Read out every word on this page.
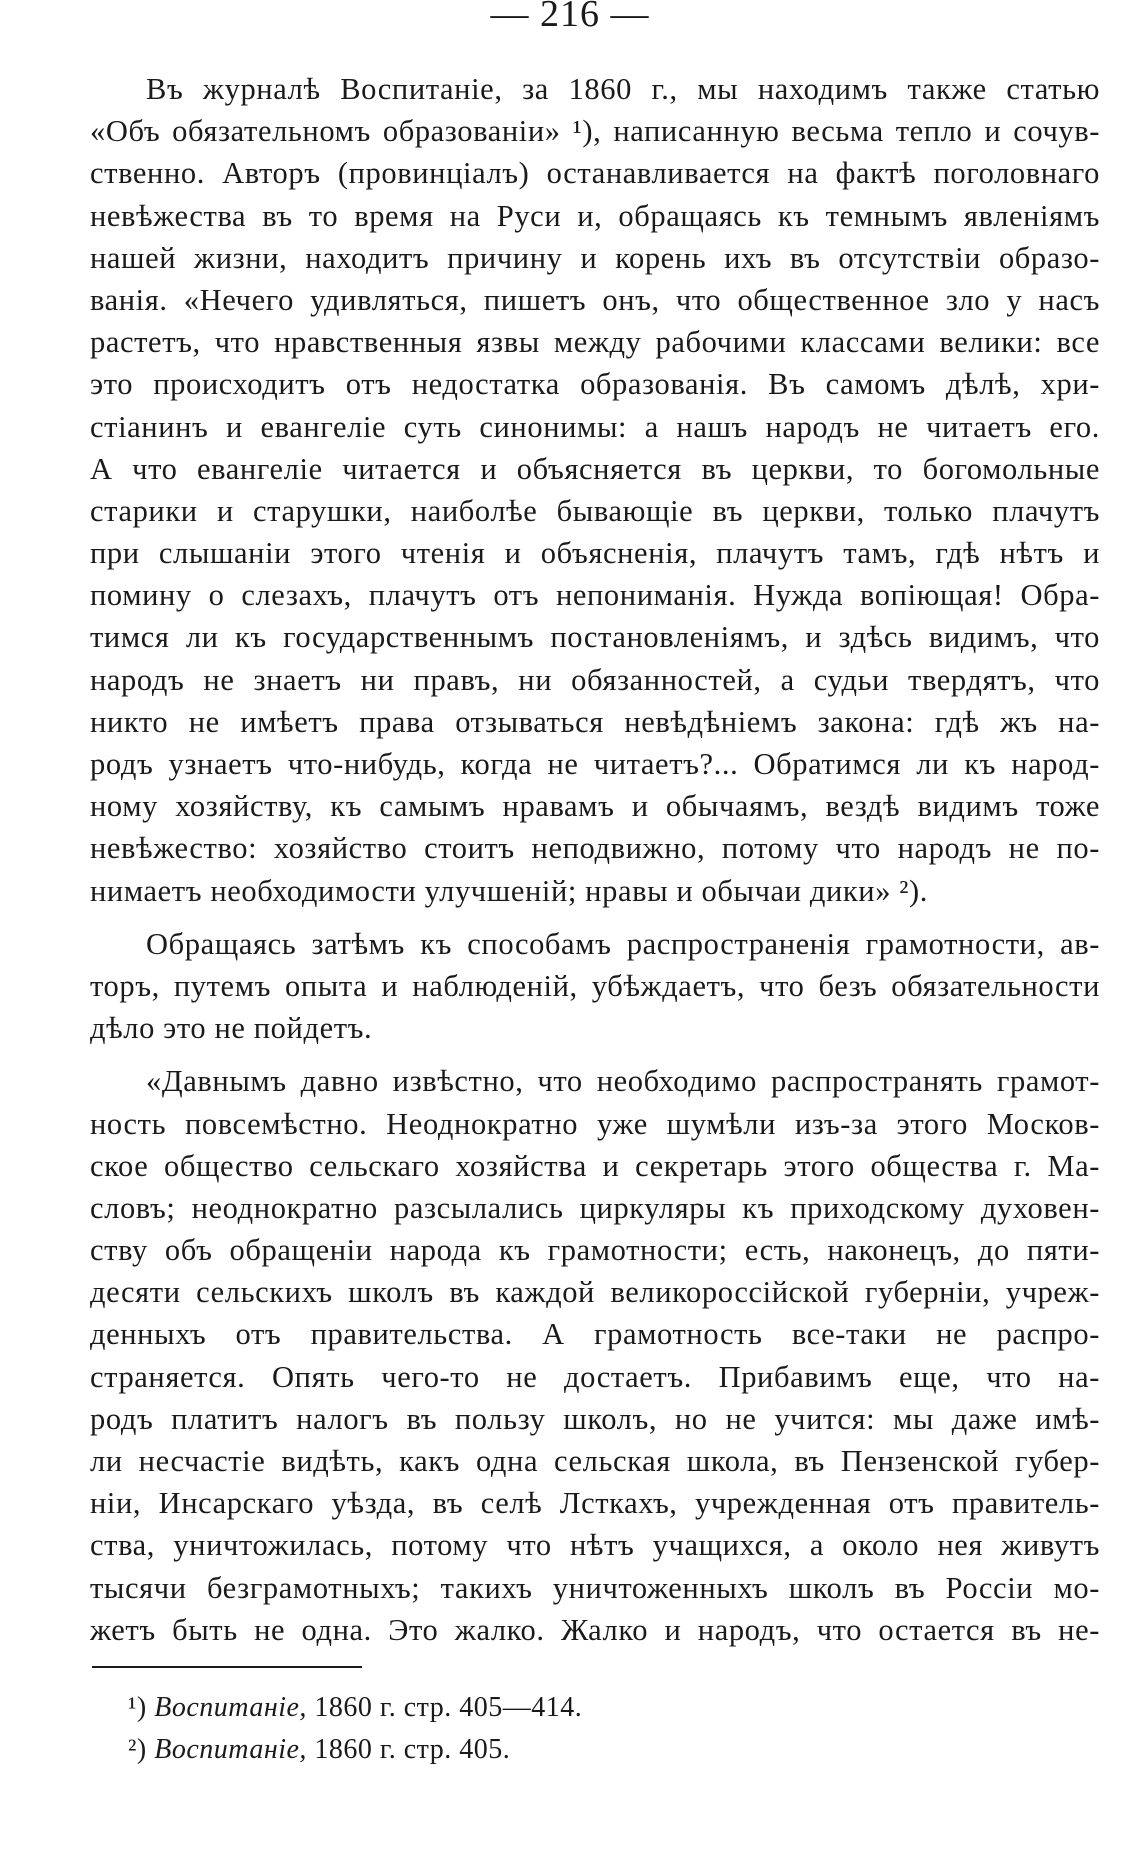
— 216 —
Въ журналѣ Воспитаніе, за 1860 г., мы находимъ также статью
«Объ обязательномъ образованіи» ¹), написанную весьма тепло и сочув-
ственно. Авторъ (провинціалъ) останавливается на фактѣ поголовнаго
невѣжества въ то время на Руси и, обращаясь къ темнымъ явленіямъ
нашей жизни, находитъ причину и корень ихъ въ отсутствіи образо-
ванія. «Нечего удивляться, пишетъ онъ, что общественное зло у насъ
растетъ, что нравственныя язвы между рабочими классами велики: все
это происходитъ отъ недостатка образованія. Въ самомъ дѣлѣ, хри-
стіанинъ и евангеліе суть синонимы: а нашъ народъ не читаетъ его.
А что евангеліе читается и объясняется въ церкви, то богомольные
старики и старушки, наиболѣе бывающіе въ церкви, только плачутъ
при слышаніи этого чтенія и объясненія, плачутъ тамъ, гдѣ нѣтъ и
помину о слезахъ, плачутъ отъ непониманія. Нужда вопіющая! Обра-
тимся ли къ государственнымъ постановленіямъ, и здѣсь видимъ, что
народъ не знаетъ ни правъ, ни обязанностей, а судьи твердятъ, что
никто не имѣетъ права отзываться невѣдѣніемъ закона: гдѣ жъ на-
родъ узнаетъ что-нибудь, когда не читаетъ?... Обратимся ли къ народ-
ному хозяйству, къ самымъ нравамъ и обычаямъ, вездѣ видимъ тоже
невѣжество: хозяйство стоитъ неподвижно, потому что народъ не по-
нимаетъ необходимости улучшеній; нравы и обычаи дики» ²).
Обращаясь затѣмъ къ способамъ распространенія грамотности, ав-
торъ, путемъ опыта и наблюденій, убѣждаетъ, что безъ обязательности
дѣло это не пойдетъ.
«Давнымъ давно извѣстно, что необходимо распространять грамот-
ность повсемѣстно. Неоднократно уже шумѣли изъ-за этого Москов-
ское общество сельскаго хозяйства и секретарь этого общества г. Ма-
словъ; неоднократно разсылались циркуляры къ приходскому духовен-
ству объ обращеніи народа къ грамотности; есть, наконецъ, до пяти-
десяти сельскихъ школъ въ каждой великороссійской губерніи, учреж-
денныхъ отъ правительства. А грамотность все-таки не распро-
страняется. Опять чего-то не достаетъ. Прибавимъ еще, что на-
родъ платитъ налогъ въ пользу школъ, но не учится: мы даже имѣ-
ли несчастіе видѣть, какъ одна сельская школа, въ Пензенской губер-
ніи, Инсарскаго уѣзда, въ селѣ Лсткахъ, учрежденная отъ правитель-
ства, уничтожилась, потому что нѣтъ учащихся, а около нея живутъ
тысячи безграмотныхъ; такихъ уничтоженныхъ школъ въ Россіи мо-
жетъ быть не одна. Это жалко. Жалко и народъ, что остается въ не-
¹) Воспитаніе, 1860 г. стр. 405—414.
²) Воспитаніе, 1860 г. стр. 405.
